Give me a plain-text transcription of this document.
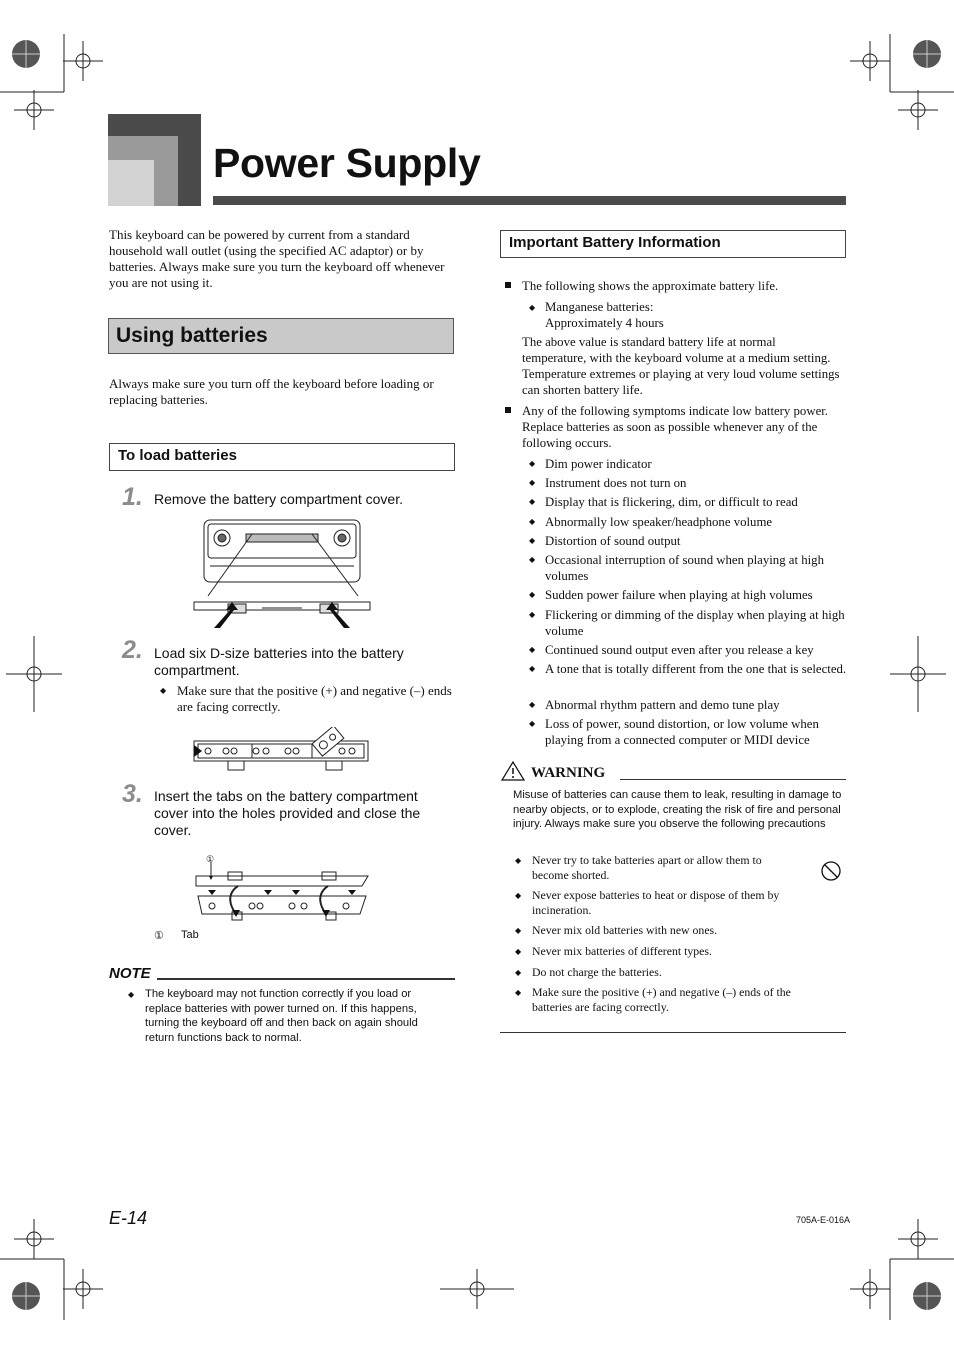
Power Supply
This keyboard can be powered by current from a standard household wall outlet (using the specified AC adaptor) or by batteries. Always make sure you turn the keyboard off whenever you are not using it.
Using batteries
Always make sure you turn off the keyboard before loading or replacing batteries.
To load batteries
1. Remove the battery compartment cover.
2. Load six D-size batteries into the battery compartment.
◆ Make sure that the positive (+) and negative (–) ends are facing correctly.
3. Insert the tabs on the battery compartment cover into the holes provided and close the cover.
①
① Tab
NOTE
◆ The keyboard may not function correctly if you load or replace batteries with power turned on. If this happens, turning the keyboard off and then back on again should return functions back to normal.
Important Battery Information
The following shows the approximate battery life.
◆ Manganese batteries:
Approximately 4 hours
The above value is standard battery life at normal temperature, with the keyboard volume at a medium setting. Temperature extremes or playing at very loud volume settings can shorten battery life.
Any of the following symptoms indicate low battery power. Replace batteries as soon as possible whenever any of the following occurs.
◆ Dim power indicator
◆ Instrument does not turn on
◆ Display that is flickering, dim, or difficult to read
◆ Abnormally low speaker/headphone volume
◆ Distortion of sound output
◆ Occasional interruption of sound when playing at high volumes
◆ Sudden power failure when playing at high volumes
◆ Flickering or dimming of the display when playing at high volume
◆ Continued sound output even after you release a key
◆ A tone that is totally different from the one that is selected.
◆ Abnormal rhythm pattern and demo tune play
◆ Loss of power, sound distortion, or low volume when playing from a connected computer or MIDI device
WARNING
Misuse of batteries can cause them to leak, resulting in damage to nearby objects, or to explode, creating the risk of fire and personal injury. Always make sure you observe the following precautions
◆ Never try to take batteries apart or allow them to become shorted.
◆ Never expose batteries to heat or dispose of them by incineration.
◆ Never mix old batteries with new ones.
◆ Never mix batteries of different types.
◆ Do not charge the batteries.
◆ Make sure the positive (+) and negative (–) ends of the batteries are facing correctly.
E-14	705A-E-016A
